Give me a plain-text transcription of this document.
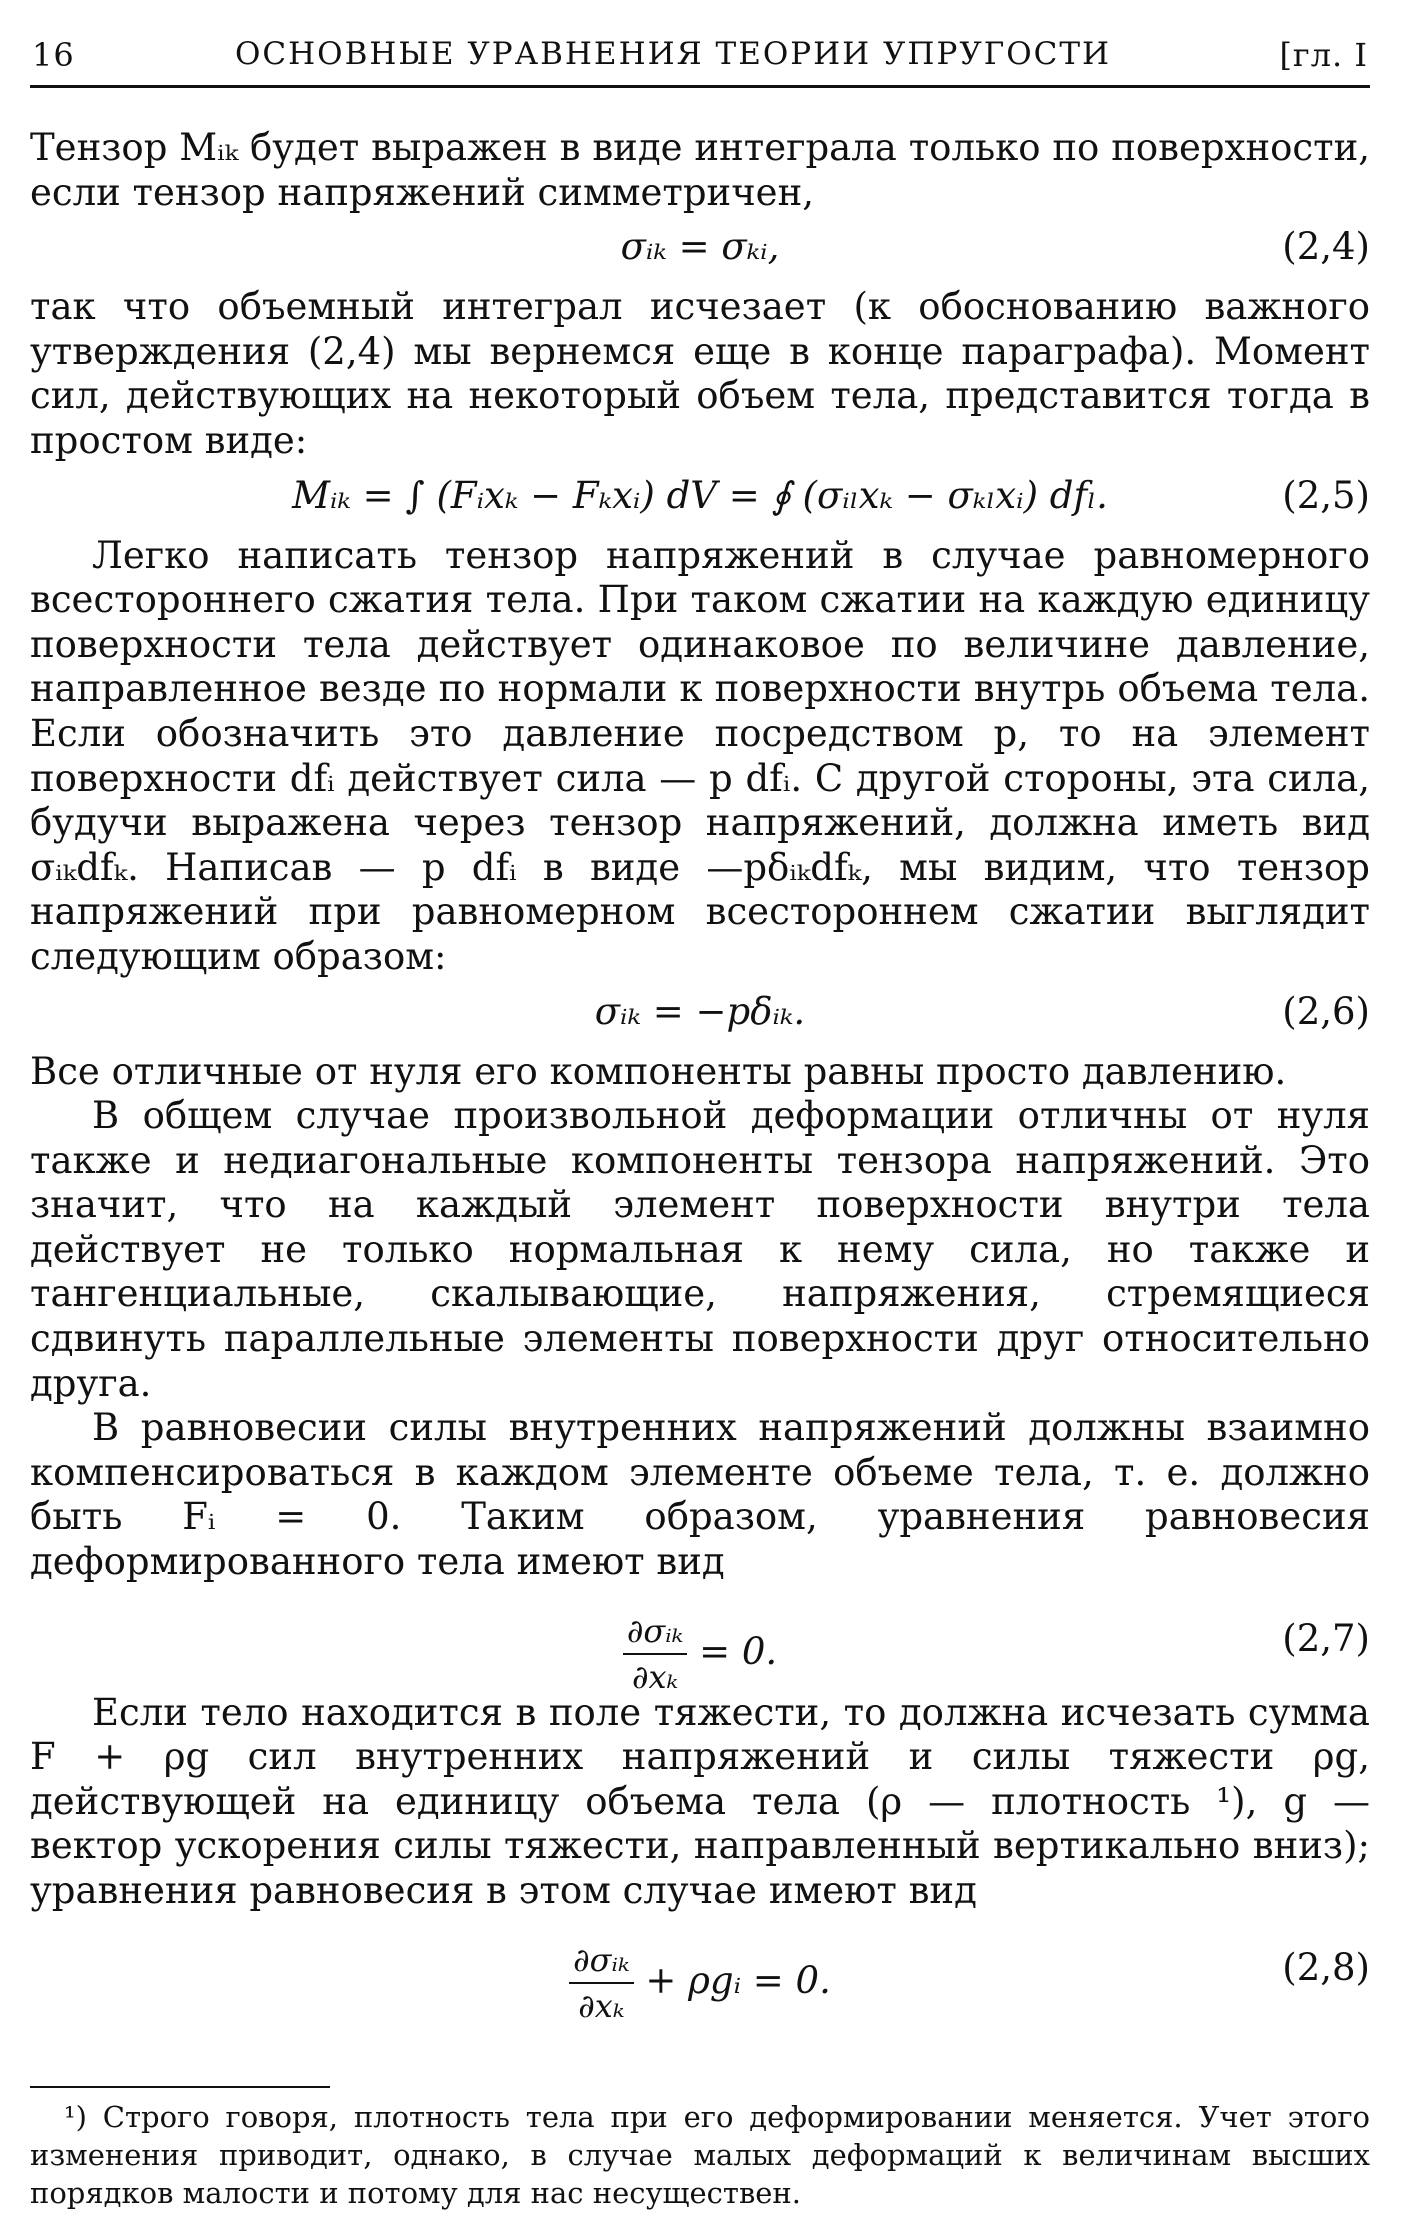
16	ОСНОВНЫЕ УРАВНЕНИЯ ТЕОРИИ УПРУГОСТИ	[гл. I

Тензор Mᵢₖ будет выражен в виде интеграла только по поверхности, если тензор напряжений симметричен,

σᵢₖ = σₖᵢ,	(2,4)

так что объемный интеграл исчезает (к обоснованию важного утверждения (2,4) мы вернемся еще в конце параграфа). Момент сил, действующих на некоторый объем тела, представится тогда в простом виде:

Mᵢₖ = ∫ (Fᵢxₖ − Fₖxᵢ) dV = ∮ (σᵢₗxₖ − σₖₗxᵢ) dfₗ.	(2,5)

Легко написать тензор напряжений в случае равномерного всестороннего сжатия тела. При таком сжатии на каждую единицу поверхности тела действует одинаковое по величине давление, направленное везде по нормали к поверхности внутрь объема тела. Если обозначить это давление посредством p, то на элемент поверхности dfᵢ действует сила — p dfᵢ. С другой стороны, эта сила, будучи выражена через тензор напряжений, должна иметь вид σᵢₖdfₖ. Написав — p dfᵢ в виде —pδᵢₖdfₖ, мы видим, что тензор напряжений при равномерном всестороннем сжатии выглядит следующим образом:

σᵢₖ = −pδᵢₖ.	(2,6)

Все отличные от нуля его компоненты равны просто давлению.

В общем случае произвольной деформации отличны от нуля также и недиагональные компоненты тензора напряжений. Это значит, что на каждый элемент поверхности внутри тела действует не только нормальная к нему сила, но также и тангенциальные, скалывающие, напряжения, стремящиеся сдвинуть параллельные элементы поверхности друг относительно друга.

В равновесии силы внутренних напряжений должны взаимно компенсироваться в каждом элементе объеме тела, т. е. должно быть Fᵢ = 0. Таким образом, уравнения равновесия деформированного тела имеют вид

$\frac{\text{∂σᵢₖ}}{\text{∂xₖ}} = 0$.	(2,7)

Если тело находится в поле тяжести, то должна исчезать сумма F + ρg сил внутренних напряжений и силы тяжести ρg, действующей на единицу объема тела (ρ — плотность ¹), g — вектор ускорения силы тяжести, направленный вертикально вниз); уравнения равновесия в этом случае имеют вид

$\frac{\text{∂σᵢₖ}}{\text{∂xₖ}}$ + ρgᵢ = 0.	(2,8)
¹) Строго говоря, плотность тела при его деформировании меняется. Учет этого изменения приводит, однако, в случае малых деформаций к величинам высших порядков малости и потому для нас несуществен.
